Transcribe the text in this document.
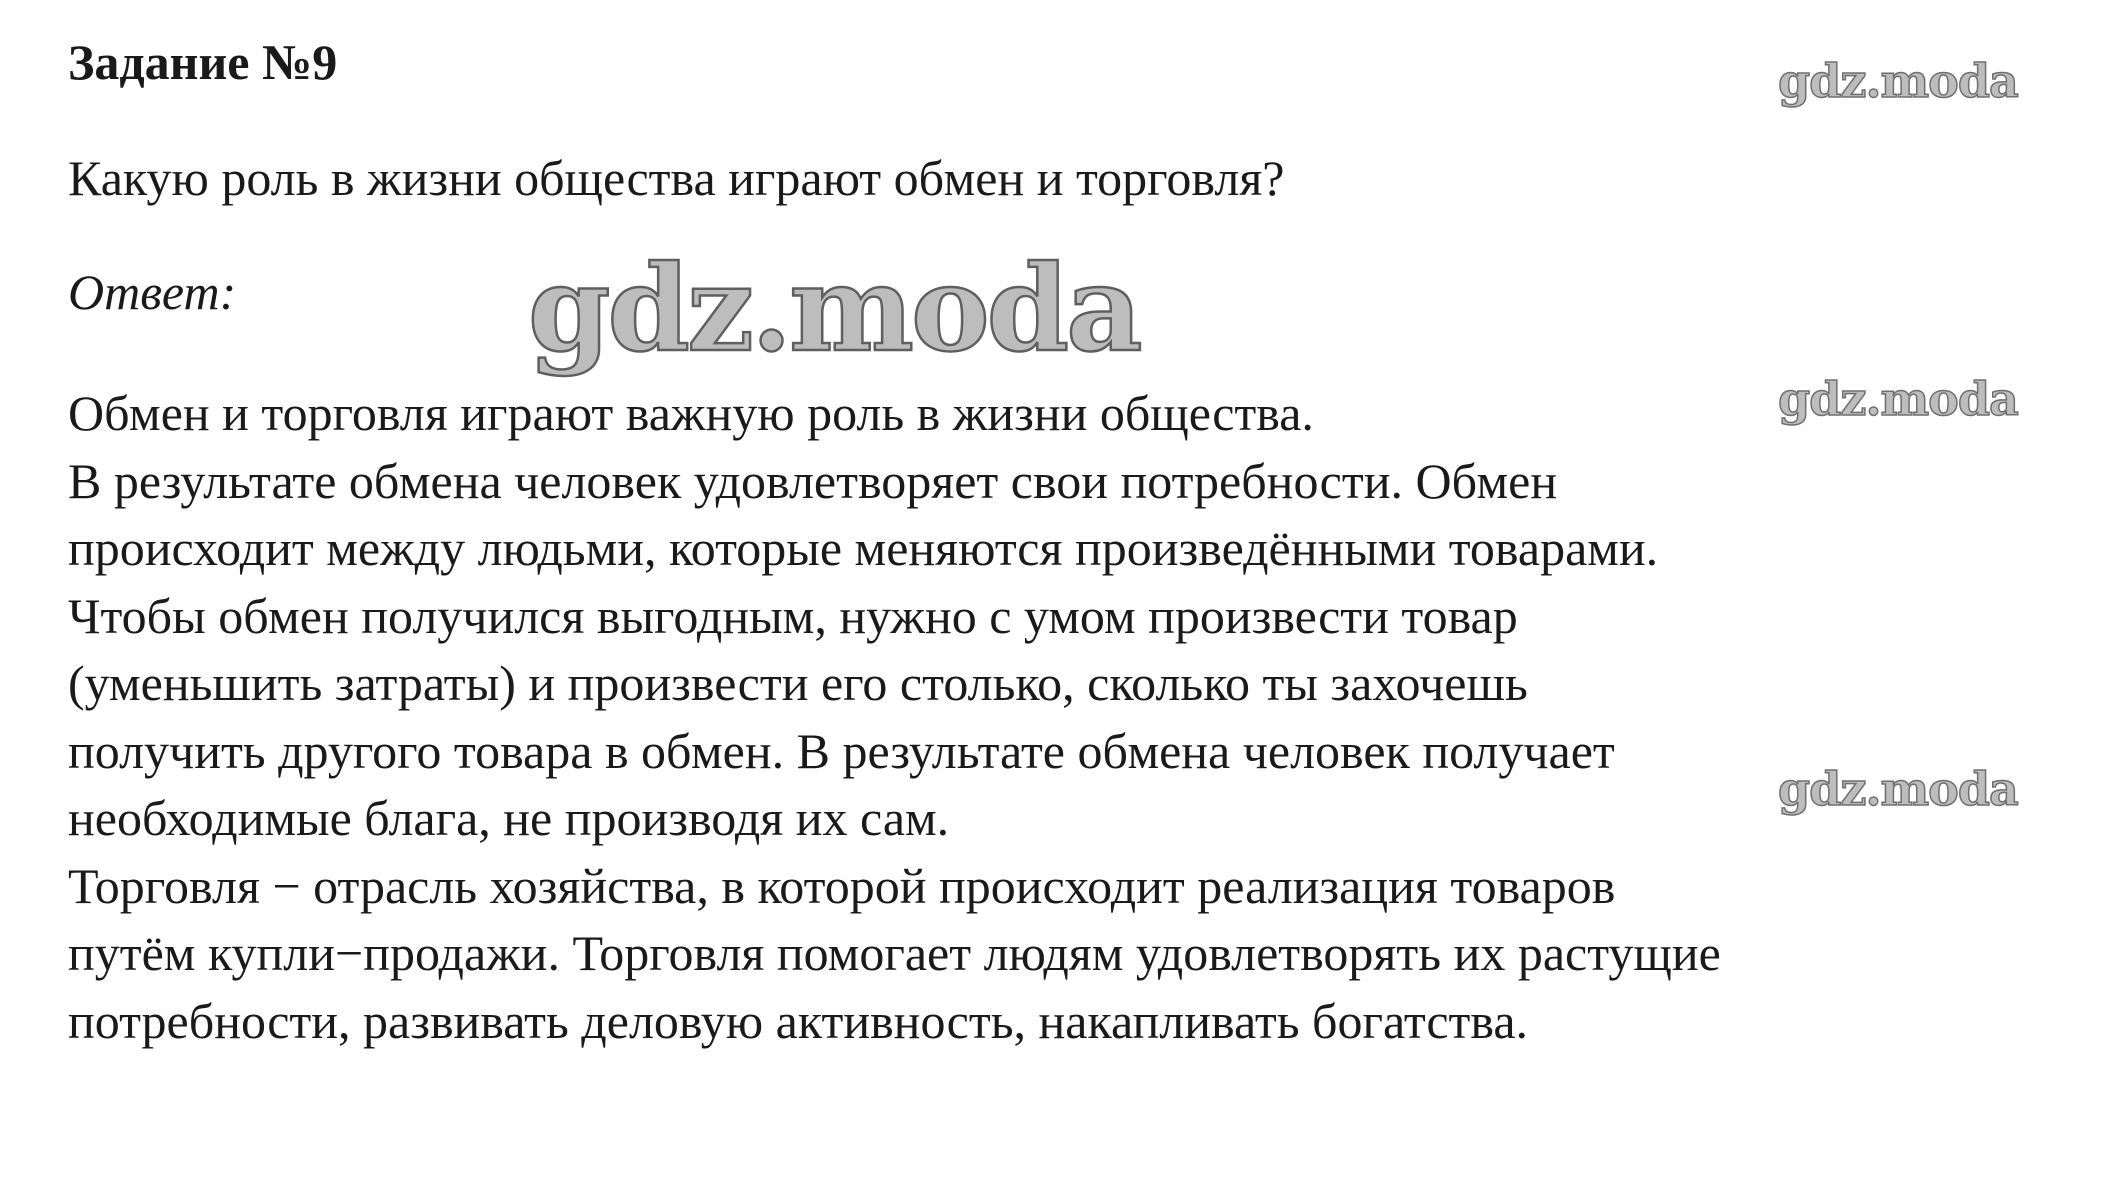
Задание №9
Какую роль в жизни общества играют обмен и торговля?
Ответ:
Обмен и торговля играют важную роль в жизни общества.
В результате обмена человек удовлетворяет свои потребности. Обмен
происходит между людьми, которые меняются произведёнными товарами.
Чтобы обмен получился выгодным, нужно с умом произвести товар
(уменьшить затраты) и произвести его столько, сколько ты захочешь
получить другого товара в обмен. В результате обмена человек получает
необходимые блага, не производя их сам.
Торговля − отрасль хозяйства, в которой происходит реализация товаров
путём купли−продажи. Торговля помогает людям удовлетворять их растущие
потребности, развивать деловую активность, накапливать богатства.
gdz.moda
gdz.moda
gdz.moda
gdz.moda
